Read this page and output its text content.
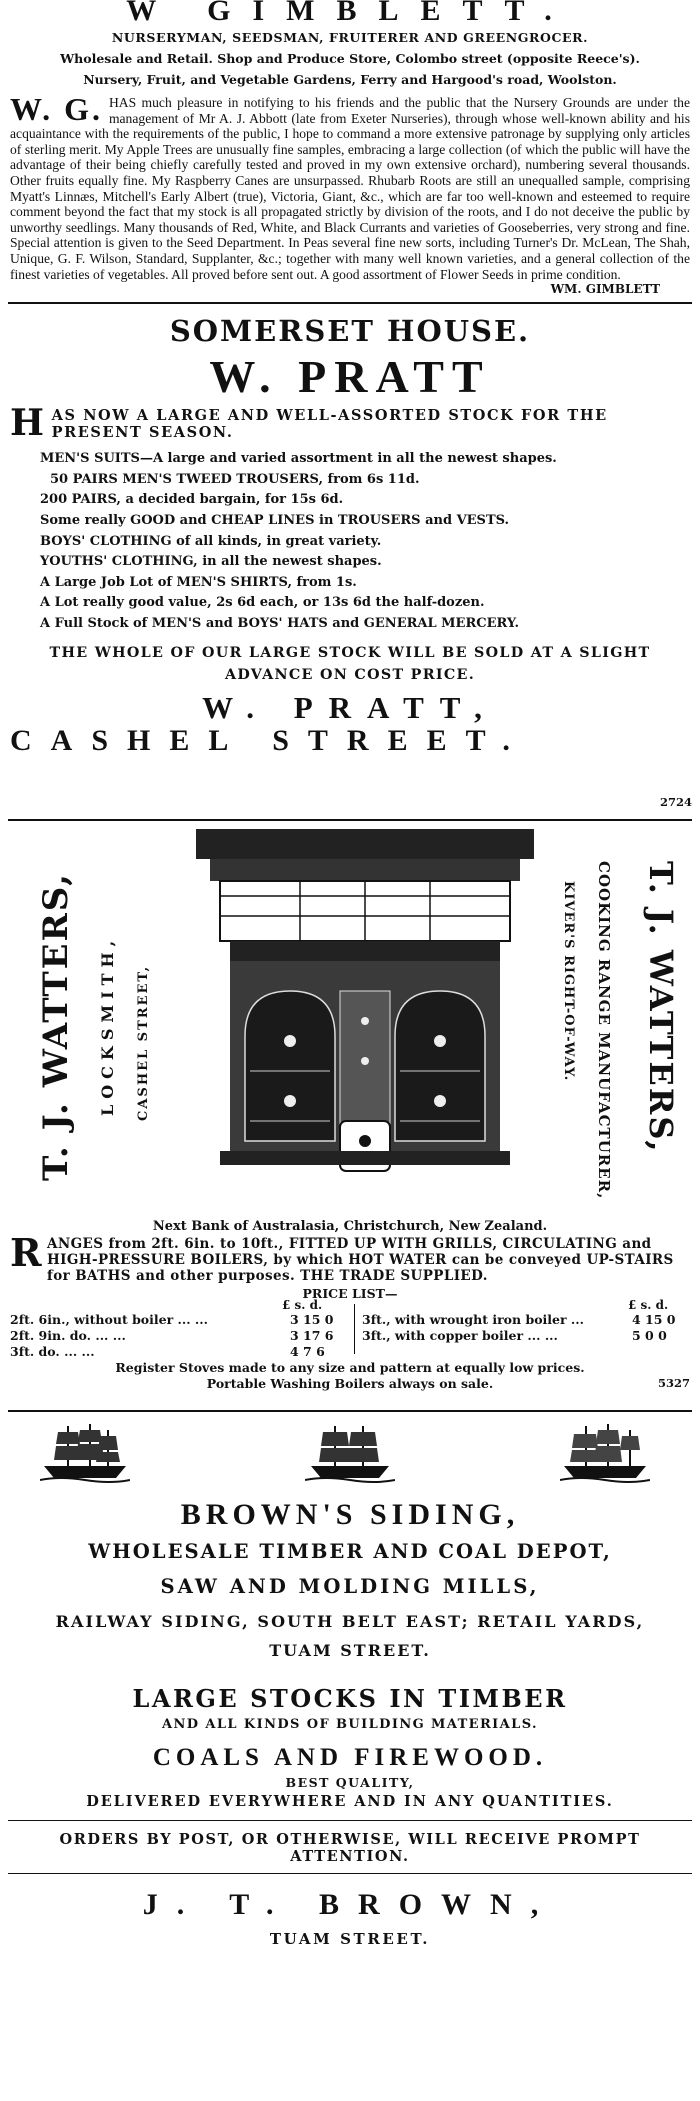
W GIMBLETT.
NURSERYMAN, SEEDSMAN, FRUITERER AND GREENGROCER.
Wholesale and Retail. Shop and Produce Store, Colombo street (opposite Reece's).
Nursery, Fruit, and Vegetable Gardens, Ferry and Hargood's road, Woolston.
W. G. HAS much pleasure in notifying to his friends and the public that the Nursery Grounds are under the management of Mr A. J. Abbott (late from Exeter Nurseries), through whose well-known ability and his acquaintance with the requirements of the public, I hope to command a more extensive patronage by supplying only articles of sterling merit. My Apple Trees are unusually fine samples, embracing a large collection (of which the public will have the advantage of their being chiefly carefully tested and proved in my own extensive orchard), numbering several thousands. Other fruits equally fine. My Raspberry Canes are unsurpassed. Rhubarb Roots are still an unequalled sample, comprising Myatt's Linnæs, Mitchell's Early Albert (true), Victoria, Giant, &c., which are far too well-known and esteemed to require comment beyond the fact that my stock is all propagated strictly by division of the roots, and I do not deceive the public by unworthy seedlings. Many thousands of Red, White, and Black Currants and varieties of Gooseberries, very strong and fine. Special attention is given to the Seed Department. In Peas several fine new sorts, including Turner's Dr. McLean, The Shah, Unique, G. F. Wilson, Standard, Supplanter, &c.; together with many well known varieties, and a general collection of the finest varieties of vegetables. All proved before sent out. A good assortment of Flower Seeds in prime condition.
WM. GIMBLETT
SOMERSET HOUSE.
W. PRATT
HAS NOW A LARGE AND WELL-ASSORTED STOCK FOR THE PRESENT SEASON.
MEN'S SUITS—A large and varied assortment in all the newest shapes.
50 PAIRS MEN'S TWEED TROUSERS, from 6s 11d.
200 PAIRS, a decided bargain, for 15s 6d.
Some really GOOD and CHEAP LINES in TROUSERS and VESTS.
BOYS' CLOTHING of all kinds, in great variety.
YOUTHS' CLOTHING, in all the newest shapes.
A Large Job Lot of MEN'S SHIRTS, from 1s.
A Lot really good value, 2s 6d each, or 13s 6d the half-dozen.
A Full Stock of MEN'S and BOYS' HATS and GENERAL MERCERY.
THE WHOLE OF OUR LARGE STOCK WILL BE SOLD AT A SLIGHT ADVANCE ON COST PRICE.
W. PRATT,
CASHEL STREET.
2724
T. J. WATTERS, LOCKSMITH, CASHEL STREET,	T. J. WATTERS,
COOKING RANGE MANUFACTURER,
KIVER'S RIGHT-OF-WAY.
Next Bank of Australasia, Christchurch, New Zealand.
RANGES from 2ft. 6in. to 10ft., FITTED UP WITH GRILLS, CIRCULATING and HIGH-PRESSURE BOILERS, by which HOT WATER can be conveyed UP-STAIRS for BATHS and other purposes. THE TRADE SUPPLIED.
PRICE LIST—
£ s. d.	£ s. d.
2ft. 6in., without boiler ... ...	3 15 0
2ft. 9in. do. ... ...	3 17 6
3ft. do. ... ...	4 7 6
3ft., with wrought iron boiler ...	4 15 0
3ft., with copper boiler ... ...	5 0 0
Register Stoves made to any size and pattern at equally low prices.
Portable Washing Boilers always on sale.	5327
BROWN'S SIDING,
WHOLESALE TIMBER AND COAL DEPOT,
SAW AND MOLDING MILLS,
RAILWAY SIDING, SOUTH BELT EAST; RETAIL YARDS,
TUAM STREET.
LARGE STOCKS IN TIMBER
AND ALL KINDS OF BUILDING MATERIALS.
COALS AND FIREWOOD.
BEST QUALITY,
DELIVERED EVERYWHERE AND IN ANY QUANTITIES.
ORDERS BY POST, OR OTHERWISE, WILL RECEIVE PROMPT ATTENTION.
J. T. BROWN,
TUAM STREET.
